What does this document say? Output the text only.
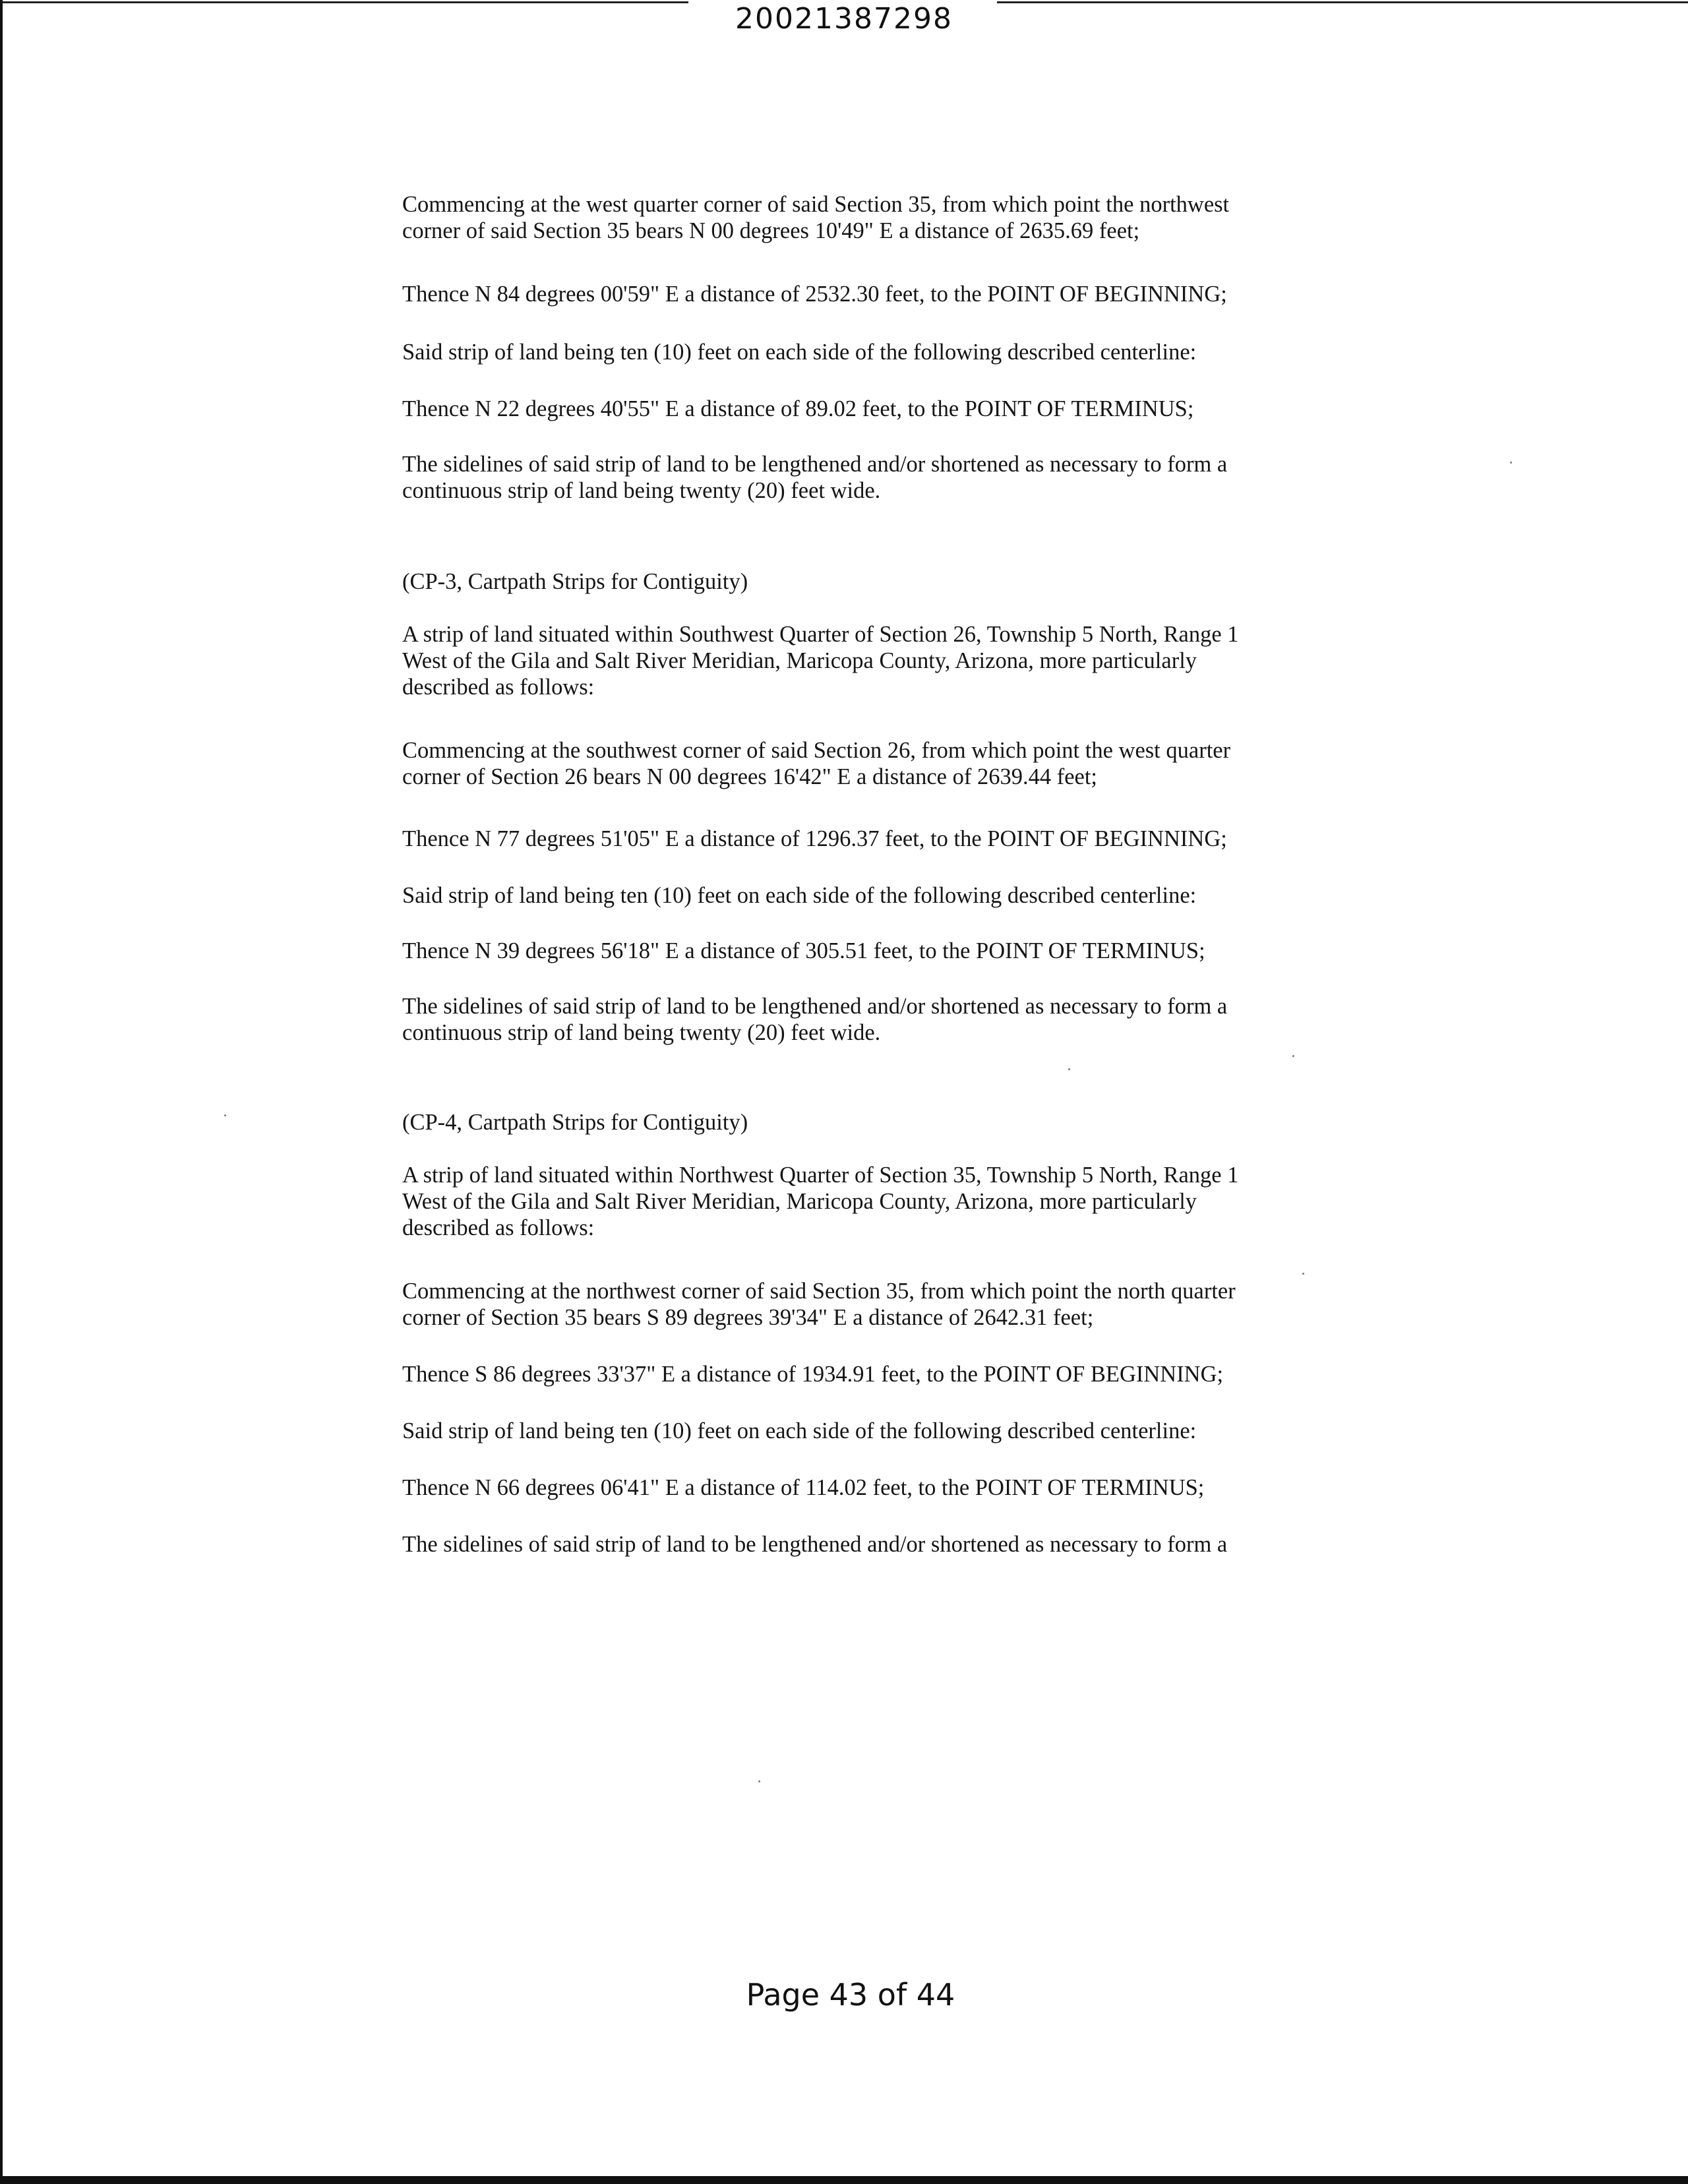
20021387298

Commencing at the west quarter corner of said Section 35, from which point the northwest
corner of said Section 35 bears N 00 degrees 10'49" E a distance of 2635.69 feet;

Thence N 84 degrees 00'59" E a distance of 2532.30 feet, to the POINT OF BEGINNING;

Said strip of land being ten (10) feet on each side of the following described centerline:

Thence N 22 degrees 40'55" E a distance of 89.02 feet, to the POINT OF TERMINUS;

The sidelines of said strip of land to be lengthened and/or shortened as necessary to form a
continuous strip of land being twenty (20) feet wide.

(CP-3, Cartpath Strips for Contiguity)

A strip of land situated within Southwest Quarter of Section 26, Township 5 North, Range 1
West of the Gila and Salt River Meridian, Maricopa County, Arizona, more particularly
described as follows:

Commencing at the southwest corner of said Section 26, from which point the west quarter
corner of Section 26 bears N 00 degrees 16'42" E a distance of 2639.44 feet;

Thence N 77 degrees 51'05" E a distance of 1296.37 feet, to the POINT OF BEGINNING;

Said strip of land being ten (10) feet on each side of the following described centerline:

Thence N 39 degrees 56'18" E a distance of 305.51 feet, to the POINT OF TERMINUS;

The sidelines of said strip of land to be lengthened and/or shortened as necessary to form a
continuous strip of land being twenty (20) feet wide.

(CP-4, Cartpath Strips for Contiguity)

A strip of land situated within Northwest Quarter of Section 35, Township 5 North, Range 1
West of the Gila and Salt River Meridian, Maricopa County, Arizona, more particularly
described as follows:

Commencing at the northwest corner of said Section 35, from which point the north quarter
corner of Section 35 bears S 89 degrees 39'34" E a distance of 2642.31 feet;

Thence S 86 degrees 33'37" E a distance of 1934.91 feet, to the POINT OF BEGINNING;

Said strip of land being ten (10) feet on each side of the following described centerline:

Thence N 66 degrees 06'41" E a distance of 114.02 feet, to the POINT OF TERMINUS;

The sidelines of said strip of land to be lengthened and/or shortened as necessary to form a

Page 43 of 44
